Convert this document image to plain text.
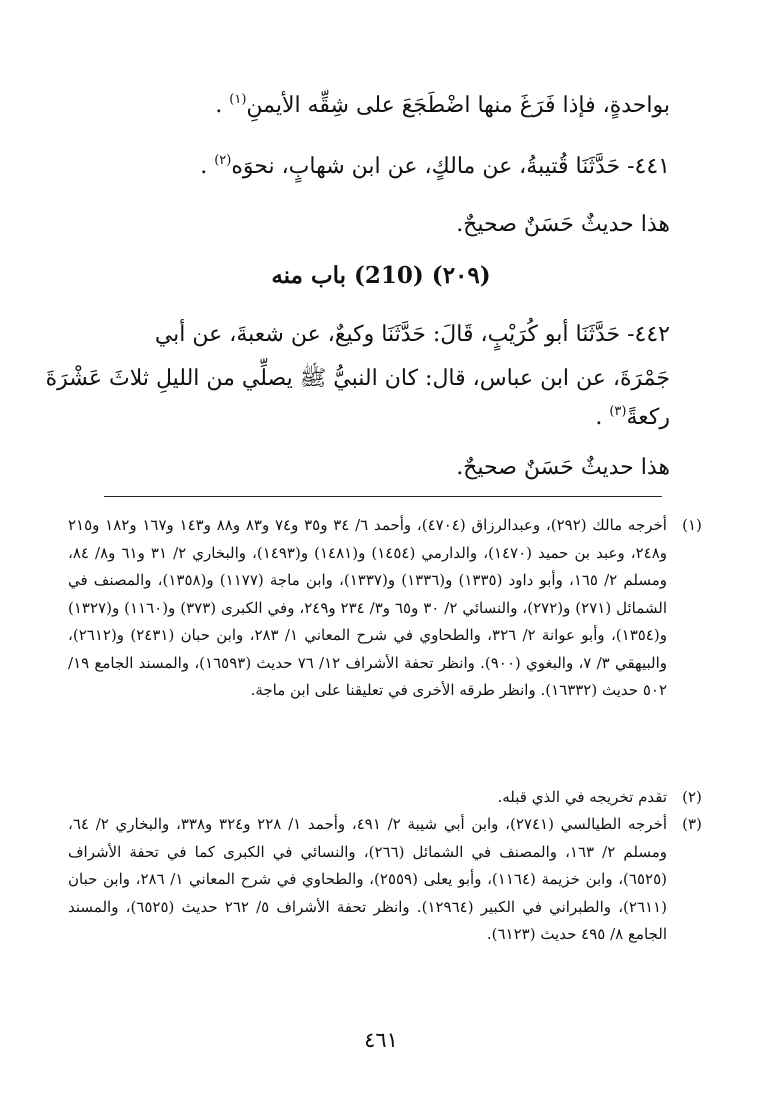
بواحدةٍ، فإذا فَرَغَ منها اضْطَجَعَ على شِقِّه الأيمنِ$^{(١)}$ .
٤٤١- حَدَّثَنَا قُتيبةُ، عن مالكٍ، عن ابن شهابٍ، نحوَه$^{(٢)}$ .
هذا حديثٌ حَسَنٌ صحيحٌ.
(٢٠٩) (210) باب منه
٤٤٢- حَدَّثَنَا أبو كُرَيْبٍ، قَالَ: حَدَّثَنَا وكيعٌ، عن شعبةَ، عن أبي
جَمْرَةَ، عن ابن عباس، قال: كان النبيُّ ﷺ يصلِّي من الليلِ ثلاثَ عَشْرَةَ
ركعةً$^{(٣)}$ .
هذا حديثٌ حَسَنٌ صحيحٌ.
(١)
أخرجه مالك (٢٩٢)، وعبدالرزاق (٤٧٠٤)، وأحمد ٦/ ٣٤ و٣٥ و٧٤ و٨٣ و٨٨ و١٤٣ و١٦٧ و١٨٢ و٢١٥ و٢٤٨، وعبد بن حميد (١٤٧٠)، والدارمي (١٤٥٤) و(١٤٨١) و(١٤٩٣)، والبخاري ٢/ ٣١ و٦١ و٨/ ٨٤، ومسلم ٢/ ١٦٥، وأبو داود (١٣٣٥) و(١٣٣٦) و(١٣٣٧)، وابن ماجة (١١٧٧) و(١٣٥٨)، والمصنف في الشمائل (٢٧١) و(٢٧٢)، والنسائي ٢/ ٣٠ و٦٥ و٣/ ٢٣٤ و٢٤٩، وفي الكبرى (٣٧٣) و(١١٦٠) و(١٣٢٧) و(١٣٥٤)، وأبو عوانة ٢/ ٣٢٦، والطحاوي في شرح المعاني ١/ ٢٨٣، وابن حبان (٢٤٣١) و(٢٦١٢)، والبيهقي ٣/ ٧، والبغوي (٩٠٠). وانظر تحفة الأشراف ١٢/ ٧٦ حديث (١٦٥٩٣)، والمسند الجامع ١٩/ ٥٠٢ حديث (١٦٣٣٢). وانظر طرقه الأخرى في تعليقنا على ابن ماجة.
(٢)
تقدم تخريجه في الذي قبله.
(٣)
أخرجه الطيالسي (٢٧٤١)، وابن أبي شيبة ٢/ ٤٩١، وأحمد ١/ ٢٢٨ و٣٢٤ و٣٣٨، والبخاري ٢/ ٦٤، ومسلم ٢/ ١٦٣، والمصنف في الشمائل (٢٦٦)، والنسائي في الكبرى كما في تحفة الأشراف (٦٥٢٥)، وابن خزيمة (١١٦٤)، وأبو يعلى (٢٥٥٩)، والطحاوي في شرح المعاني ١/ ٢٨٦، وابن حبان (٢٦١١)، والطبراني في الكبير (١٢٩٦٤). وانظر تحفة الأشراف ٥/ ٢٦٢ حديث (٦٥٢٥)، والمسند الجامع ٨/ ٤٩٥ حديث (٦١٢٣).
٤٦١
